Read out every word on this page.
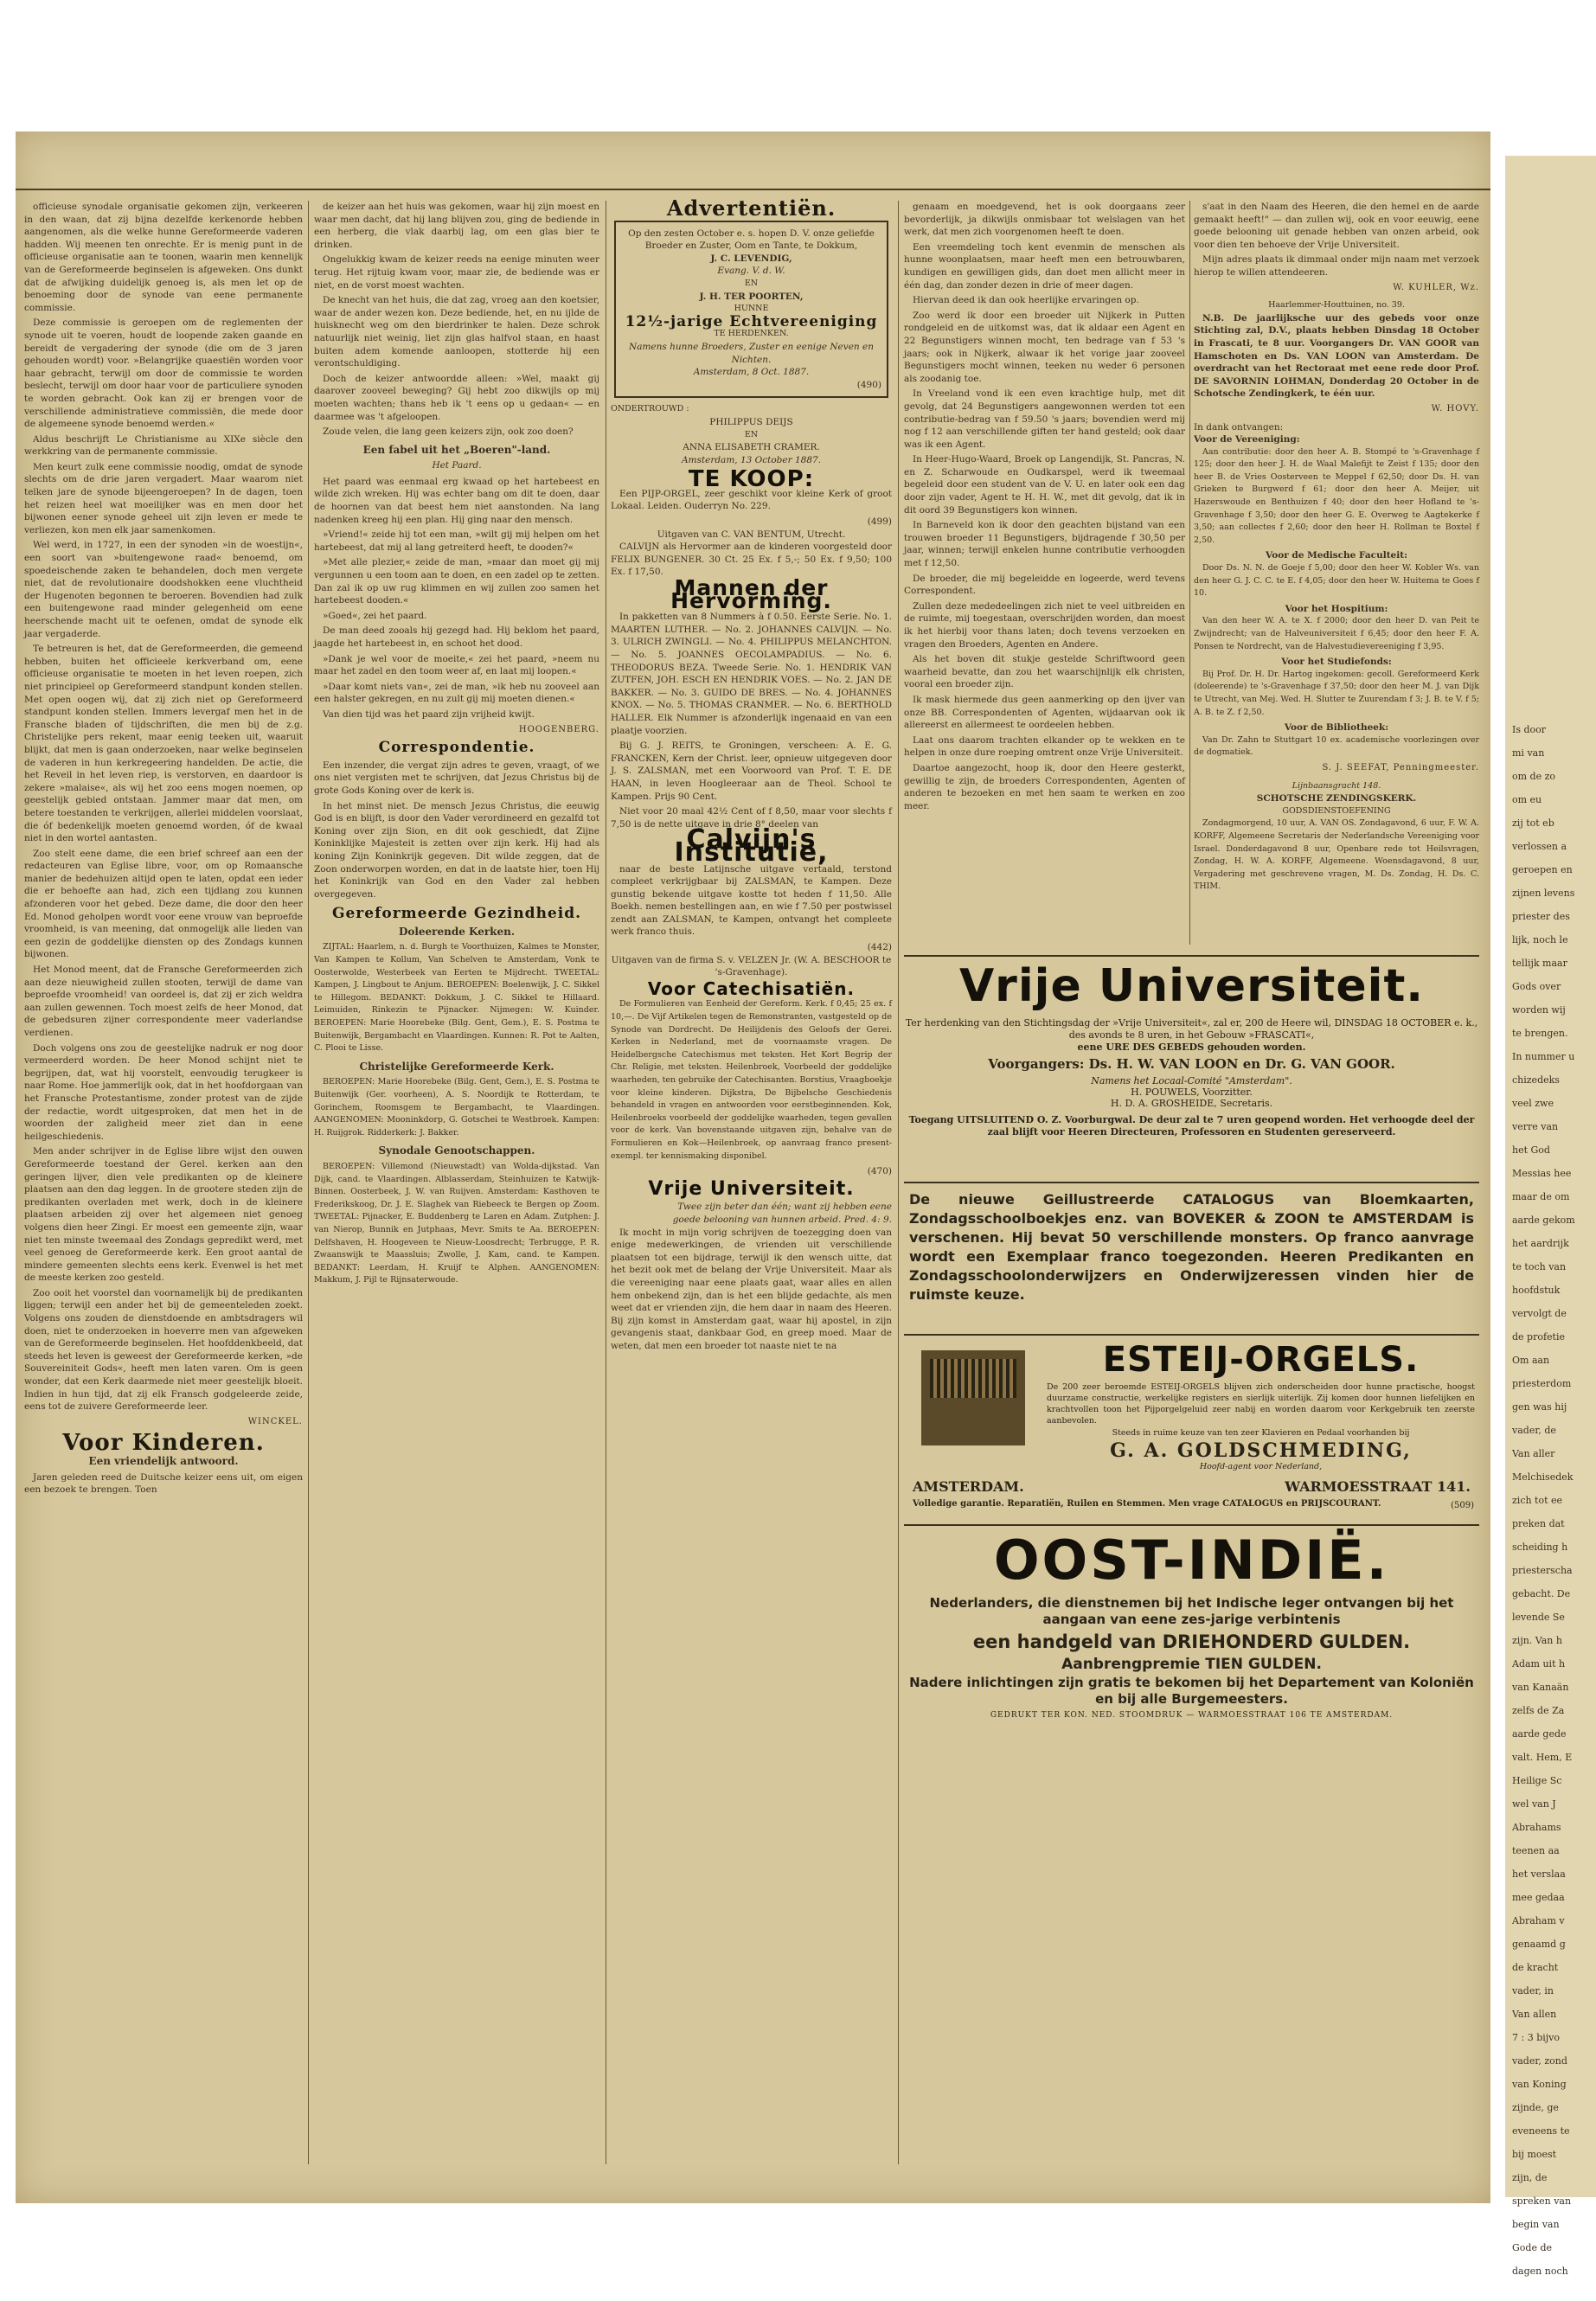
officieuse synodale organisatie gekomen zijn, verkeeren in den waan, dat zij bijna dezelfde kerkenorde hebben aangenomen, als die welke hunne Gereformeerde vaderen hadden. Wij meenen ten onrechte. Er is menig punt in de officieuse organisatie aan te toonen, waarin men kennelijk van de Gereformeerde beginselen is afgeweken. Ons dunkt dat de afwijking duidelijk genoeg is, als men let op de benoeming door de synode van eene permanente commissie.

Deze commissie is geroepen om de reglementen der synode uit te voeren, houdt de loopende zaken gaande en bereidt de vergadering der synode (die om de 3 jaren gehouden wordt) voor. »Belangrijke quaestiën worden voor haar gebracht, terwijl om door de commissie te worden beslecht, terwijl om door haar voor de particuliere synoden te worden gebracht. Ook kan zij er brengen voor de verschillende administratieve commissiën, die mede door de algemeene synode benoemd werden.«

Aldus beschrijft Le Christianisme au XIXe siècle den werkkring van de permanente commissie.

Men keurt zulk eene commissie noodig, omdat de synode slechts om de drie jaren vergadert. Maar waarom niet telken jare de synode bijeengeroepen? In de dagen, toen het reizen heel wat moeilijker was en men door het bijwonen eener synode geheel uit zijn leven er mede te verliezen, kon men elk jaar samenkomen.

Wel werd, in 1727, in een der synoden »in de woestijn«, een soort van »buitengewone raad« benoemd, om spoedeischende zaken te behandelen, doch men vergete niet, dat de revolutionaire doodshokken eene vluchtheid der Hugenoten begonnen te beroeren. Bovendien had zulk een buitengewone raad minder gelegenheid om eene heerschende macht uit te oefenen, omdat de synode elk jaar vergaderde.

Te betreuren is het, dat de Gereformeerden, die gemeend hebben, buiten het officieele kerkverband om, eene officieuse organisatie te moeten in het leven roepen, zich niet principieel op Gereformeerd standpunt konden stellen. Met open oogen wij, dat zij zich niet op Gereformeerd standpunt konden stellen. Immers levergaf men het in de Fransche bladen of tijdschriften, die men bij de z.g. Christelijke pers rekent, maar eenig teeken uit, waaruit blijkt, dat men is gaan onderzoeken, naar welke beginselen de vaderen in hun kerkregeering handelden. De actie, die het Reveil in het leven riep, is verstorven, en daardoor is zekere »malaise«, als wij het zoo eens mogen noemen, op geestelijk gebied ontstaan. Jammer maar dat men, om betere toestanden te verkrijgen, allerlei middelen voorslaat, die óf bedenkelijk moeten genoemd worden, óf de kwaal niet in den wortel aantasten.

Zoo stelt eene dame, die een brief schreef aan een der redacteuren van Eglise libre, voor, om op Romaansche manier de bedehuizen altijd open te laten, opdat een ieder die er behoefte aan had, zich een tijdlang zou kunnen afzonderen voor het gebed. Deze dame, die door den heer Ed. Monod geholpen wordt voor eene vrouw van beproefde vroomheid, is van meening, dat onmogelijk alle lieden van een gezin de goddelijke diensten op des Zondags kunnen bijwonen.

Het Monod meent, dat de Fransche Gereformeerden zich aan deze nieuwigheid zullen stooten, terwijl de dame van beproefde vroomheid! van oordeel is, dat zij er zich weldra aan zullen gewennen. Toch moest zelfs de heer Monod, dat de gebedsuren zijner correspondente meer vaderlandse verdienen.

Doch volgens ons zou de geestelijke nadruk er nog door vermeerderd worden. De heer Monod schijnt niet te begrijpen, dat, wat hij voorstelt, eenvoudig terugkeer is naar Rome. Hoe jammerlijk ook, dat in het hoofdorgaan van het Fransche Protestantisme, zonder protest van de zijde der redactie, wordt uitgesproken, dat men het in de woorden der zaligheid meer ziet dan in eene heilgeschiedenis.

Men ander schrijver in de Eglise libre wijst den ouwen Gereformeerde toestand der Gerel. kerken aan den geringen lijver, dien vele predikanten op de kleinere plaatsen aan den dag leggen. In de grootere steden zijn de predikanten overladen met werk, doch in de kleinere plaatsen arbeiden zij over het algemeen niet genoeg volgens dien heer Zingi. Er moest een gemeente zijn, waar niet ten minste tweemaal des Zondags gepredikt werd, met veel genoeg de Gereformeerde kerk. Een groot aantal de mindere gemeenten slechts eens kerk. Evenwel is het met de meeste kerken zoo gesteld.

Zoo ooit het voorstel dan voornamelijk bij de predikanten liggen; terwijl een ander het bij de gemeenteleden zoekt. Volgens ons zouden de dienstdoende en ambtsdragers wil doen, niet te onderzoeken in hoeverre men van afgeweken van de Gereformeerde beginselen. Het hoofddenkbeeld, dat steeds het leven is geweest der Gereformeerde kerken, »de Souvereiniteit Gods«, heeft men laten varen. Om is geen wonder, dat een Kerk daarmede niet meer geestelijk bloeit. Indien in hun tijd, dat zij elk Fransch godgeleerde zeide, eens tot de zuivere Gereformeerde leer.

WINCKEL.
Voor Kinderen.
Een vriendelijk antwoord.

Jaren geleden reed de Duitsche keizer eens uit, om eigen een bezoek te brengen. Toen

de keizer aan het huis was gekomen, waar hij zijn moest en waar men dacht, dat hij lang blijven zou, ging de bediende in een herberg, die vlak daarbij lag, om een glas bier te drinken.

Ongelukkig kwam de keizer reeds na eenige minuten weer terug. Het rijtuig kwam voor, maar zie, de bediende was er niet, en de vorst moest wachten.

De knecht van het huis, die dat zag, vroeg aan den koetsier, waar de ander wezen kon. Deze bediende, het, en nu ijlde de huisknecht weg om den bierdrinker te halen. Deze schrok natuurlijk niet weinig, liet zijn glas halfvol staan, en haast buiten adem komende aanloopen, stotterde hij een verontschuldiging.

Doch de keizer antwoordde alleen: »Wel, maakt gij daarover zooveel beweging? Gij hebt zoo dikwijls op mij moeten wachten; thans heb ik 't eens op u gedaan« — en daarmee was 't afgeloopen.

Zoude velen, die lang geen keizers zijn, ook zoo doen?

Een fabel uit het „Boeren"-land.
Het Paard.

Het paard was eenmaal erg kwaad op het hartebeest en wilde zich wreken. Hij was echter bang om dit te doen, daar de hoornen van dat beest hem niet aanstonden. Na lang nadenken kreeg hij een plan. Hij ging naar den mensch.

»Vriend!« zeide hij tot een man, »wilt gij mij helpen om het hartebeest, dat mij al lang getreiterd heeft, te dooden?«

»Met alle plezier,« zeide de man, »maar dan moet gij mij vergunnen u een toom aan te doen, en een zadel op te zetten. Dan zal ik op uw rug klimmen en wij zullen zoo samen het hartebeest dooden.«

»Goed«, zei het paard.

De man deed zooals hij gezegd had. Hij beklom het paard, jaagde het hartebeest in, en schoot het dood.

»Dank je wel voor de moeite,« zei het paard, »neem nu maar het zadel en den toom weer af, en laat mij loopen.«

»Daar komt niets van«, zei de man, »ik heb nu zooveel aan een halster gekregen, en nu zult gij mij moeten dienen.«

Van dien tijd was het paard zijn vrijheid kwijt.

HOOGENBERG.
Correspondentie.

Een inzender, die vergat zijn adres te geven, vraagt, of we ons niet vergisten met te schrijven, dat Jezus Christus bij de grote Gods Koning over de kerk is.

In het minst niet. De mensch Jezus Christus, die eeuwig God is en blijft, is door den Vader verordineerd en gezalfd tot Koning over zijn Sion, en dit ook geschiedt, dat Zijne Koninklijke Majesteit is zetten over zijn kerk. Hij had als koning Zijn Koninkrijk gegeven. Dit wilde zeggen, dat de Zoon onderworpen worden, en dat in de laatste hier, toen Hij het Koninkrijk van God en den Vader zal hebben overgegeven.

Gereformeerde Gezindheid.
Doleerende Kerken.

ZIJTAL: Haarlem, n. d. Burgh te Voorthuizen, Kalmes te Monster, Van Kampen te Kollum, Van Schelven te Amsterdam, Vonk te Oosterwolde, Westerbeek van Eerten te Mijdrecht. TWEETAL: Kampen, J. Lingbout te Anjum. BEROEPEN: Boelenwijk, J. C. Sikkel te Hillegom. BEDANKT: Dokkum, J. C. Sikkel te Hillaard. Leimuiden, Rinkezin te Pijnacker. Nijmegen: W. Kuinder. BEROEPEN: Marie Hoorebeke (Bilg. Gent, Gem.), E. S. Postma te Buitenwijk, Bergambacht en Vlaardingen. Kunnen: R. Pot te Aalten, C. Plooi te Lisse.

Christelijke Gereformeerde Kerk.

BEROEPEN: Marie Hoorebeke (Bilg. Gent, Gem.), E. S. Postma te Buitenwijk (Ger. voorheen), A. S. Noordijk te Rotterdam, te Gorinchem, Roomsgem te Bergambacht, te Vlaardingen. AANGENOMEN: Mooninkdorp, G. Gotschei te Westbroek. Kampen: H. Ruijgrok. Ridderkerk: J. Bakker.

Synodale Genootschappen.

BEROEPEN: Villemond (Nieuwstadt) van Wolda-dijkstad. Van Dijk, cand. te Vlaardingen. Alblasserdam, Steinhuizen te Katwijk-Binnen. Oosterbeek, J. W. van Ruijven. Amsterdam: Kasthoven te Frederikskoog, Dr. J. E. Slaghek van Riebeeck te Bergen op Zoom. TWEETAL: Pijnacker, E. Buddenberg te Laren en Adam. Zutphen: J. van Nierop, Bunnik en Jutphaas, Mevr. Smits te Aa. BEROEPEN: Delfshaven, H. Hoogeveen te Nieuw-Loosdrecht; Terbrugge, P. R. Zwaanswijk te Maassluis; Zwolle, J. Kam, cand. te Kampen. BEDANKT: Leerdam, H. Kruijf te Alphen. AANGENOMEN: Makkum, J. Pijl te Rijnsaterwoude.

Advertentiën.
Op den zesten October e. s. hopen D. V. onze geliefde Broeder en Zuster, Oom en Tante, te Dokkum,
J. C. LEVENDIG,
Evang. V. d. W.
EN
J. H. TER POORTEN,
HUNNE
12½-jarige Echtvereeniging
TE HERDENKEN.
Namens hunne Broeders, Zuster en eenige Neven en Nichten.
Amsterdam, 8 Oct. 1887.
(490)
ONDERTROUWD :
PHILIPPUS DEIJS
EN
ANNA ELISABETH CRAMER.
Amsterdam, 13 October 1887.
TE KOOP:

Een PIJP-ORGEL, zeer geschikt voor kleine Kerk of groot Lokaal. Leiden. Ouderryn No. 229.

(499)
Uitgaven van C. VAN BENTUM, Utrecht.

CALVIJN als Hervormer aan de kinderen voorgesteld door FELIX BUNGENER. 30 Ct. 25 Ex. f 5,-; 50 Ex. f 9,50; 100 Ex. f 17,50.

Mannen der Hervorming.

In pakketten van 8 Nummers à f 0.50. Eerste Serie. No. 1. MAARTEN LUTHER. — No. 2. JOHANNES CALVIJN. — No. 3. ULRICH ZWINGLI. — No. 4. PHILIPPUS MELANCHTON. — No. 5. JOANNES OECOLAMPADIUS. — No. 6. THEODORUS BEZA. Tweede Serie. No. 1. HENDRIK VAN ZUTFEN, JOH. ESCH EN HENDRIK VOES. — No. 2. JAN DE BAKKER. — No. 3. GUIDO DE BRES. — No. 4. JOHANNES KNOX. — No. 5. THOMAS CRANMER. — No. 6. BERTHOLD HALLER. Elk Nummer is afzonderlijk ingenaaid en van een plaatje voorzien.

Bij G. J. REITS, te Groningen, verscheen: A. E. G. FRANCKEN, Kern der Christ. leer, opnieuw uitgegeven door J. S. ZALSMAN, met een Voorwoord van Prof. T. E. DE HAAN, in leven Hoogleeraar aan de Theol. School te Kampen. Prijs 90 Cent.

Niet voor 20 maal 42½ Cent of f 8,50, maar voor slechts f 7,50 is de nette uitgave in drie 8° deelen van

Calvijn's Institutie,

naar de beste Latijnsche uitgave vertaald, terstond compleet verkrijgbaar bij ZALSMAN, te Kampen. Deze gunstig bekende uitgave kostte tot heden f 11,50. Alle Boekh. nemen bestellingen aan, en wie f 7.50 per postwissel zendt aan ZALSMAN, te Kampen, ontvangt het compleete werk franco thuis.

(442)
Uitgaven van de firma S. v. VELZEN Jr. (W. A. BESCHOOR te 's-Gravenhage).
Voor Catechisatiën.

De Formulieren van Eenheid der Gereform. Kerk. f 0,45; 25 ex. f 10,—. De Vijf Artikelen tegen de Remonstranten, vastgesteld op de Synode van Dordrecht. De Heilijdenis des Geloofs der Gerei. Kerken in Nederland, met de voornaamste vragen. De Heidelbergsche Catechismus met teksten. Het Kort Begrip der Chr. Religie, met teksten. Heilenbroek, Voorbeeld der goddelijke waarheden, ten gebruike der Catechisanten. Borstius, Vraagboekje voor kleine kinderen. Dijkstra, De Bijbelsche Geschiedenis behandeld in vragen en antwoorden voor eerstbeginnenden. Kok, Heilenbroeks voorbeeld der goddelijke waarheden, tegen gevallen voor de kerk. Van bovenstaande uitgaven zijn, behalve van de Formulieren en Kok—Heilenbroek, op aanvraag franco present-exempl. ter kennismaking disponibel.

(470)
Vrije Universiteit.
Twee zijn beter dan één; want zij hebben eene goede belooning van hunnen arbeid. Pred. 4: 9.

Ik mocht in mijn vorig schrijven de toezegging doen van enige medewerkingen, de vrienden uit verschillende plaatsen tot een bijdrage, terwijl ik den wensch uitte, dat het bezit ook met de belang der Vrije Universiteit. Maar als die vereeniging naar eene plaats gaat, waar alles en allen hem onbekend zijn, dan is het een blijde gedachte, als men weet dat er vrienden zijn, die hem daar in naam des Heeren. Bij zijn komst in Amsterdam gaat, waar hij apostel, in zijn gevangenis staat, dankbaar God, en greep moed. Maar de weten, dat men een broeder tot naaste niet te na

genaam en moedgevend, het is ook doorgaans zeer bevorderlijk, ja dikwijls onmisbaar tot welslagen van het werk, dat men zich voorgenomen heeft te doen.

Een vreemdeling toch kent evenmin de menschen als hunne woonplaatsen, maar heeft men een betrouwbaren, kundigen en gewilligen gids, dan doet men allicht meer in één dag, dan zonder dezen in drie of meer dagen.

Hiervan deed ik dan ook heerlijke ervaringen op.

Zoo werd ik door een broeder uit Nijkerk in Putten rondgeleid en de uitkomst was, dat ik aldaar een Agent en 22 Begunstigers winnen mocht, ten bedrage van f 53 's jaars; ook in Nijkerk, alwaar ik het vorige jaar zooveel Begunstigers mocht winnen, teeken nu weder 6 personen als zoodanig toe.

In Vreeland vond ik een even krachtige hulp, met dit gevolg, dat 24 Begunstigers aangewonnen werden tot een contributie-bedrag van f 59.50 's jaars; bovendien werd mij nog f 12 aan verschillende giften ter hand gesteld; ook daar was ik een Agent.

In Heer-Hugo-Waard, Broek op Langendijk, St. Pancras, N. en Z. Scharwoude en Oudkarspel, werd ik tweemaal begeleid door een student van de V. U. en later ook een dag door zijn vader, Agent te H. H. W., met dit gevolg, dat ik in dit oord 39 Begunstigers kon winnen.

In Barneveld kon ik door den geachten bijstand van een trouwen broeder 11 Begunstigers, bijdragende f 30,50 per jaar, winnen; terwijl enkelen hunne contributie verhoogden met f 12,50.

De broeder, die mij begeleidde en logeerde, werd tevens Correspondent.

Zullen deze mededeelingen zich niet te veel uitbreiden en de ruimte, mij toegestaan, overschrijden worden, dan moest ik het hierbij voor thans laten; doch tevens verzoeken en vragen den Broeders, Agenten en Andere.

Als het boven dit stukje gestelde Schriftwoord geen waarheid bevatte, dan zou het waarschijnlijk elk christen, vooral een broeder zijn.

Ik mask hiermede dus geen aanmerking op den ijver van onze BB. Correspondenten of Agenten, wijdaarvan ook ik allereerst en allermeest te oordeelen hebben.

Laat ons daarom trachten elkander op te wekken en te helpen in onze dure roeping omtrent onze Vrije Universiteit.

Daartoe aangezocht, hoop ik, door den Heere gesterkt, gewillig te zijn, de broeders Correspondenten, Agenten of anderen te bezoeken en met hen saam te werken en zoo meer.

s'aat in den Naam des Heeren, die den hemel en de aarde gemaakt heeft!" — dan zullen wij, ook en voor eeuwig, eene goede belooning uit genade hebben van onzen arbeid, ook voor dien ten behoeve der Vrije Universiteit.

Mijn adres plaats ik dimmaal onder mijn naam met verzoek hierop te willen attendeeren.

W. KUHLER, Wz.
Haarlemmer-Houttuinen, no. 39.

N.B. De jaarlijksche uur des gebeds voor onze Stichting zal, D.V., plaats hebben Dinsdag 18 October in Frascati, te 8 uur. Voorgangers Dr. VAN GOOR van Hamschoten en Ds. VAN LOON van Amsterdam. De overdracht van het Rectoraat met eene rede door Prof. DE SAVORNIN LOHMAN, Donderdag 20 October in de Schotsche Zendingkerk, te één uur.

W. HOVY.
In dank ontvangen:
Voor de Vereeniging:

Aan contributie: door den heer A. B. Stompé te 's-Gravenhage f 125; door den heer J. H. de Waal Malefijt te Zeist f 135; door den heer B. de Vries Oosterveen te Meppel f 62,50; door Ds. H. van Grieken te Burgwerd f 61; door den heer A. Meijer, uit Hazerswoude en Benthuizen f 40; door den heer Hofland te 's-Gravenhage f 3,50; door den heer G. E. Overweg te Aagtekerke f 3,50; aan collectes f 2,60; door den heer H. Rollman te Boxtel f 2,50.

Voor de Medische Faculteit:

Door Ds. N. N. de Goeje f 5,00; door den heer W. Kobler Ws. van den heer G. J. C. C. te E. f 4,05; door den heer W. Huitema te Goes f 10.

Voor het Hospitium:

Van den heer W. A. te X. f 2000; door den heer D. van Peit te Zwijndrecht; van de Halveuniversiteit f 6,45; door den heer F. A. Ponsen te Nordrecht, van de Halvestudievereeniging f 3,95.

Voor het Studiefonds:

Bij Prof. Dr. H. Dr. Hartog ingekomen: gecoll. Gereformeerd Kerk (doleerende) te 's-Gravenhage f 37,50; door den heer M. J. van Dijk te Utrecht, van Mej. Wed. H. Slutter te Zuurendam f 3; J. B. te V. f 5; A. B. te Z. f 2,50.

Voor de Bibliotheek:

Van Dr. Zahn te Stuttgart 10 ex. academische voorlezingen over de dogmatiek.

S. J. SEEFAT, Penningmeester.
Lijnbaansgracht 148.
SCHOTSCHE ZENDINGSKERK.
GODSDIENSTOEFENING

Zondagmorgend, 10 uur, A. VAN OS. Zondagavond, 6 uur, F. W. A. KORFF, Algemeene Secretaris der Nederlandsche Vereeniging voor Israel. Donderdagavond 8 uur, Openbare rede tot Heilsvragen, Zondag, H. W. A. KORFF, Algemeene. Woensdagavond, 8 uur, Vergadering met geschrevene vragen, M. Ds. Zondag, H. Ds. C. THIM.

Vrije Universiteit.
Ter herdenking van den Stichtingsdag der »Vrije Universiteit«, zal er, 200 de Heere wil, DINSDAG 18 OCTOBER e. k., des avonds te 8 uren, in het Gebouw »FRASCATI«,
eene URE DES GEBEDS gehouden worden.
Voorgangers: Ds. H. W. VAN LOON en Dr. G. VAN GOOR.
Namens het Locaal-Comité "Amsterdam".
H. POUWELS, Voorzitter.
H. D. A. GROSHEIDE, Secretaris.
Toegang UITSLUITEND O. Z. Voorburgwal. De deur zal te 7 uren geopend worden. Het verhoogde deel der zaal blijft voor Heeren Directeuren, Professoren en Studenten gereserveerd.
De nieuwe Geillustreerde CATALOGUS van Bloemkaarten, Zondagsschoolboekjes enz. van BOVEKER & ZOON te AMSTERDAM is verschenen. Hij bevat 50 verschillende monsters. Op franco aanvrage wordt een Exemplaar franco toegezonden. Heeren Predikanten en Zondagsschoolonderwijzers en Onderwijzeressen vinden hier de ruimste keuze.
ESTEIJ-ORGELS.
De 200 zeer beroemde ESTEIJ-ORGELS blijven zich onderscheiden door hunne practische, hoogst duurzame constructie, werkelijke registers en sierlijk uiterlijk. Zij komen door hunnen liefelijken en krachtvollen toon het Pijporgelgeluid zeer nabij en worden daarom voor Kerkgebruik ten zeerste aanbevolen.
Steeds in ruime keuze van ten zeer Klavieren en Pedaal voorhanden bij
G. A. GOLDSCHMEDING,
Hoofd-agent voor Nederland,
AMSTERDAM.	WARMOESSTRAAT 141.
Volledige garantie. Reparatiën, Ruilen en Stemmen. Men vrage CATALOGUS en PRIJSCOURANT.	(509)
OOST-INDIË.
Nederlanders, die dienstnemen bij het Indische leger ontvangen bij het aangaan van eene zes-jarige verbintenis
een handgeld van DRIEHONDERD GULDEN.
Aanbrengpremie TIEN GULDEN.
Nadere inlichtingen zijn gratis te bekomen bij het Departement van Koloniën en bij alle Burgemeesters.
GEDRUKT TER KON. NED. STOOMDRUK — WARMOESSTRAAT 106 TE AMSTERDAM.
Is door
mi van
om de zo
om eu
zij tot eb
verlossen a
geroepen en
zijnen levens
priester des
lijk, noch le
tellijk maar
Gods over
worden wij
te brengen.
In nummer u
chizedeks
veel zwe
verre van
het God
Messias hee
maar de om
aarde gekom
het aardrijk
te toch van
hoofdstuk
vervolgt de
de profetie
Om aan
priesterdom
gen was hij
vader, de
Van aller
Melchisedek
zich tot ee
preken dat
scheiding h
priesterscha
gebacht. De
levende Se
zijn. Van h
Adam uit h
van Kanaän
zelfs de Za
aarde gede
valt. Hem, E
Heilige Sc
wel van J
Abrahams
teenen aa
het verslaa
mee gedaa
Abraham v
genaamd g
de kracht
vader, in
Van allen
7 : 3 bijvo
vader, zond
van Koning
zijnde, ge
eveneens te
bij moest
zijn, de
spreken van
begin van
Gode de
dagen noch
